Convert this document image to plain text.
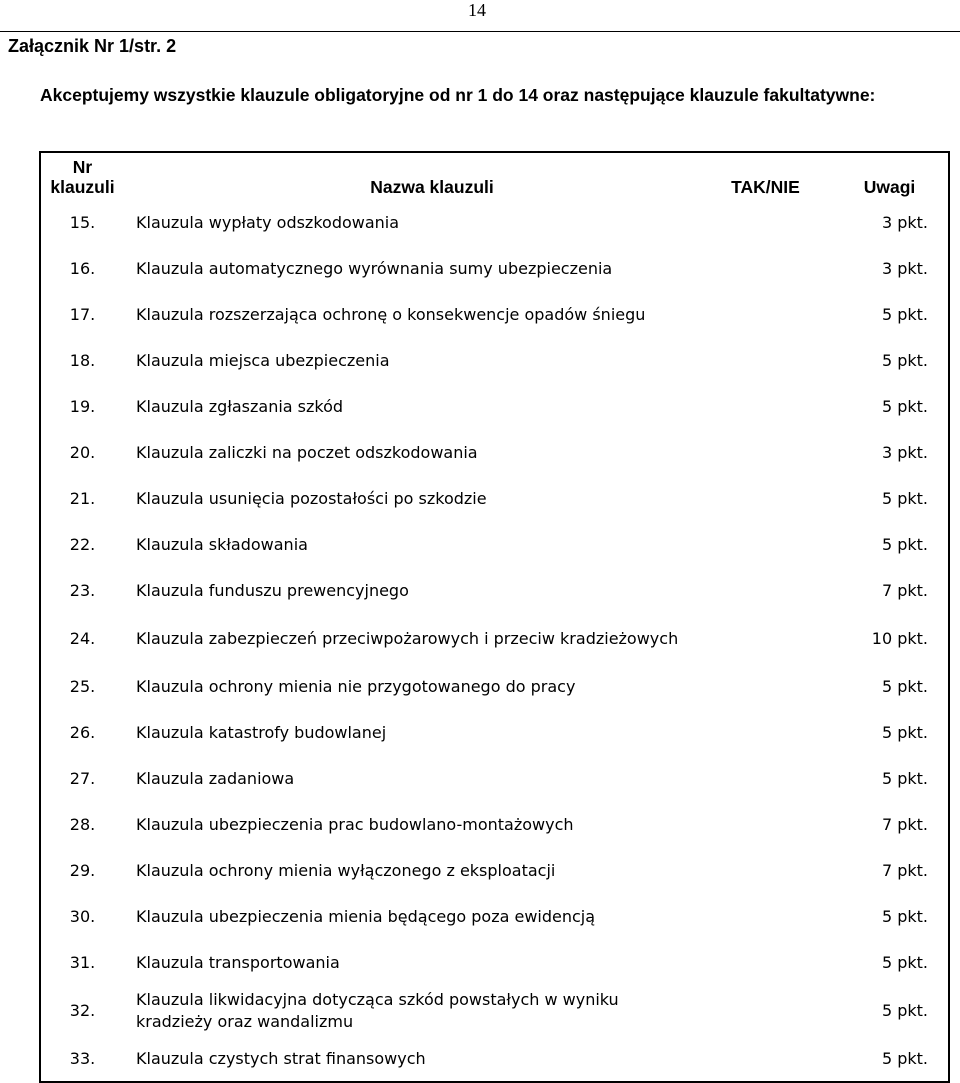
14
Załącznik Nr 1/str. 2
Akceptujemy wszystkie klauzule obligatoryjne od nr 1 do 14 oraz następujące klauzule fakultatywne:
Nr klauzuli	Nazwa klauzuli	TAK/NIE	Uwagi
15.	Klauzula wypłaty odszkodowania		3 pkt.
16.	Klauzula automatycznego wyrównania sumy ubezpieczenia		3 pkt.
17.	Klauzula rozszerzająca ochronę o konsekwencje opadów śniegu		5 pkt.
18.	Klauzula miejsca ubezpieczenia		5 pkt.
19.	Klauzula zgłaszania szkód		5 pkt.
20.	Klauzula zaliczki na poczet odszkodowania		3 pkt.
21.	Klauzula usunięcia pozostałości po szkodzie		5 pkt.
22.	Klauzula składowania		5 pkt.
23.	Klauzula funduszu prewencyjnego		7 pkt.
24.	Klauzula zabezpieczeń przeciwpożarowych i przeciw kradzieżowych		10 pkt.
25.	Klauzula ochrony mienia nie przygotowanego do pracy		5 pkt.
26.	Klauzula katastrofy budowlanej		5 pkt.
27.	Klauzula zadaniowa		5 pkt.
28.	Klauzula ubezpieczenia prac budowlano-montażowych		7 pkt.
29.	Klauzula ochrony mienia wyłączonego z eksploatacji		7 pkt.
30.	Klauzula ubezpieczenia mienia będącego poza ewidencją		5 pkt.
31.	Klauzula transportowania		5 pkt.
32.	Klauzula likwidacyjna dotycząca szkód powstałych w wyniku kradzieży oraz wandalizmu		5 pkt.
33.	Klauzula czystych strat finansowych		5 pkt.
